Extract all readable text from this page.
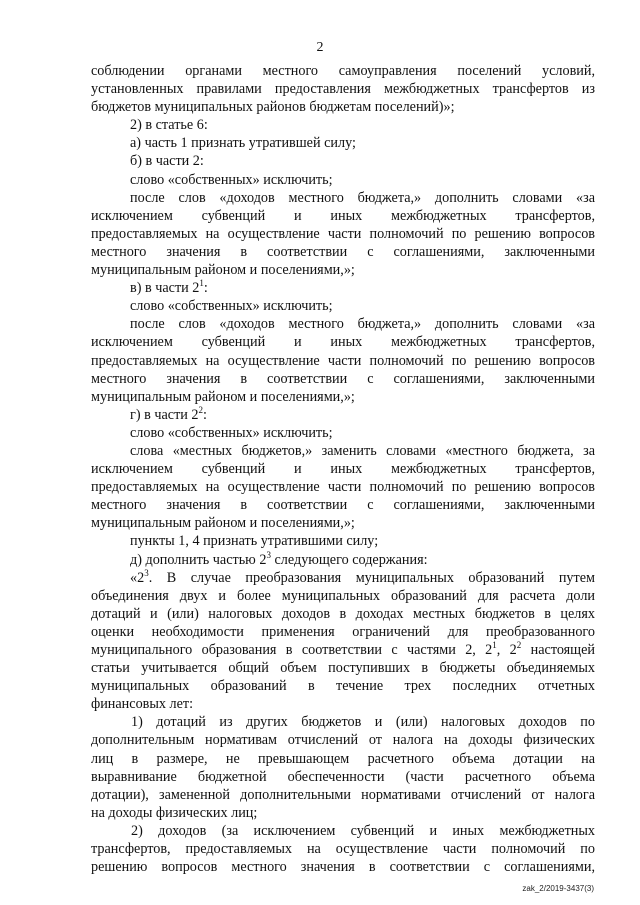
2
соблюдении органами местного самоуправления поселений условий,
установленных правилами предоставления межбюджетных трансфертов из
бюджетов муниципальных районов бюджетам поселений)»;
2) в статье 6:
а) часть 1 признать утратившей силу;
б) в части 2:
слово «собственных» исключить;
после слов «доходов местного бюджета,» дополнить словами «за
исключением субвенций и иных межбюджетных трансфертов,
предоставляемых на осуществление части полномочий по решению вопросов
местного значения в соответствии с соглашениями, заключенными
муниципальным районом и поселениями,»;
в) в части $2^1$:
слово «собственных» исключить;
после слов «доходов местного бюджета,» дополнить словами «за
исключением субвенций и иных межбюджетных трансфертов,
предоставляемых на осуществление части полномочий по решению вопросов
местного значения в соответствии с соглашениями, заключенными
муниципальным районом и поселениями,»;
г) в части $2^2$:
слово «собственных» исключить;
слова «местных бюджетов,» заменить словами «местного бюджета, за
исключением субвенций и иных межбюджетных трансфертов,
предоставляемых на осуществление части полномочий по решению вопросов
местного значения в соответствии с соглашениями, заключенными
муниципальным районом и поселениями,»;
пункты 1, 4 признать утратившими силу;
д) дополнить частью $2^3$ следующего содержания:
«$2^3$. В случае преобразования муниципальных образований путем
объединения двух и более муниципальных образований для расчета доли
дотаций и (или) налоговых доходов в доходах местных бюджетов в целях
оценки необходимости применения ограничений для преобразованного
муниципального образования в соответствии с частями 2, $2^1$, $2^2$ настоящей
статьи учитывается общий объем поступивших в бюджеты объединяемых
муниципальных образований в течение трех последних отчетных
финансовых лет:
1) дотаций из других бюджетов и (или) налоговых доходов по
дополнительным нормативам отчислений от налога на доходы физических
лиц в размере, не превышающем расчетного объема дотации на
выравнивание бюджетной обеспеченности (части расчетного объема
дотации), замененной дополнительными нормативами отчислений от налога
на доходы физических лиц;
2) доходов (за исключением субвенций и иных межбюджетных
трансфертов, предоставляемых на осуществление части полномочий по
решению вопросов местного значения в соответствии с соглашениями,
zak_2/2019-3437(3)
